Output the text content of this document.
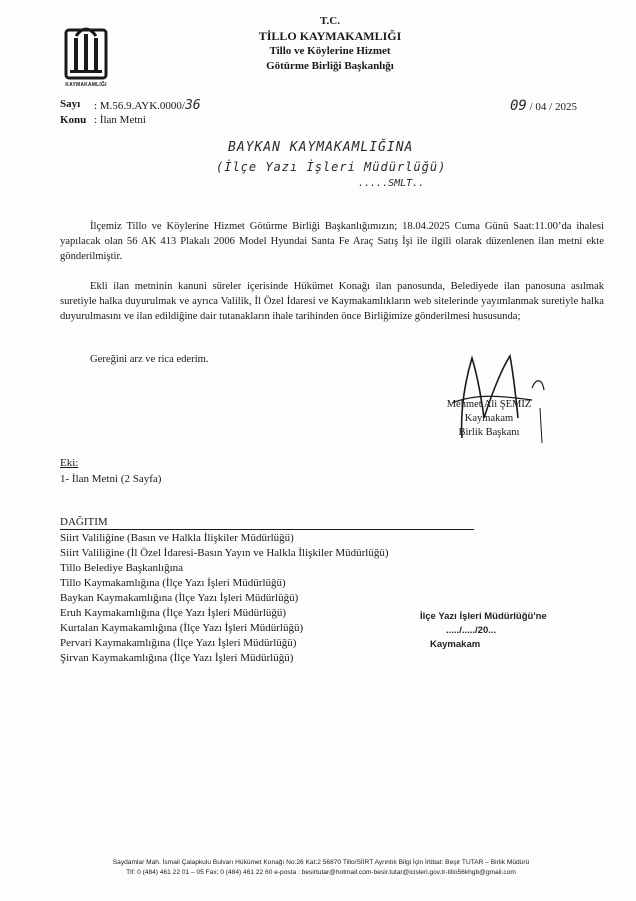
KAYMAKAMLIĞI
T.C.
TİLLO KAYMAKAMLIĞI
Tillo ve Köylerine Hizmet
Götürme Birliği Başkanlığı
Sayı : M.56.9.AYK.0000/36
Konu : İlan Metni
09 / 04 / 2025
BAYKAN KAYMAKAMLIĞINA
(İlçe Yazı İşleri Müdürlüğü)
.....SMLT..
İlçemiz Tillo ve Köylerine Hizmet Götürme Birliği Başkanlığımızın; 18.04.2025 Cuma Günü Saat:11.00’da ihalesi yapılacak olan 56 AK 413 Plakalı 2006 Model Hyundai Santa Fe Araç Satış İşi ile ilgili olarak düzenlenen ilan metni ekte gönderilmiştir.
Ekli ilan metninin kanuni süreler içerisinde Hükümet Konağı ilan panosunda, Belediyede ilan panosuna asılmak suretiyle halka duyurulmak ve ayrıca Valilik, İl Özel İdaresi ve Kaymakamlıkların web sitelerinde yayımlanmak suretiyle halka duyurulmasını ve ilan edildiğine dair tutanakların ihale tarihinden önce Birliğimize gönderilmesi hususunda;
Gereğini arz ve rica ederim.
Mehmet Ali ŞEMİZ
Kaymakam
Birlik Başkanı
Eki:
1- İlan Metni (2 Sayfa)
DAĞITIM
Siirt Valiliğine (Basın ve Halkla İlişkiler Müdürlüğü)
Siirt Valiliğine (İl Özel İdaresi-Basın Yayın ve Halkla İlişkiler Müdürlüğü)
Tillo Belediye Başkanlığına
Tillo Kaymakamlığına (İlçe Yazı İşleri Müdürlüğü)
Baykan Kaymakamlığına (İlçe Yazı İşleri Müdürlüğü)
Eruh Kaymakamlığına (İlçe Yazı İşleri Müdürlüğü)
Kurtalan Kaymakamlığına (İlçe Yazı İşleri Müdürlüğü)
Pervari Kaymakamlığına (İlçe Yazı İşleri Müdürlüğü)
Şirvan Kaymakamlığına (İlçe Yazı İşleri Müdürlüğü)
İlçe Yazı İşleri Müdürlüğü'ne
...../...../20...
Kaymakam
Saydamlar Mah. İsmail Çalapkulu Bulvarı Hükümet Konağı No:26 Kat:2 56870 Tillo/SİİRT Ayrıntılı Bilgi İçin İrtibat: Beşir TUTAR – Birlik Müdürü
Tlf: 0 (484) 461 22 01 – 05 Fax: 0 (484) 461 22 60 e-posta : besirtutar@hotmail.com-besir.tutar@icisleri.gov.tr-tillo56khgb@gmail.com
